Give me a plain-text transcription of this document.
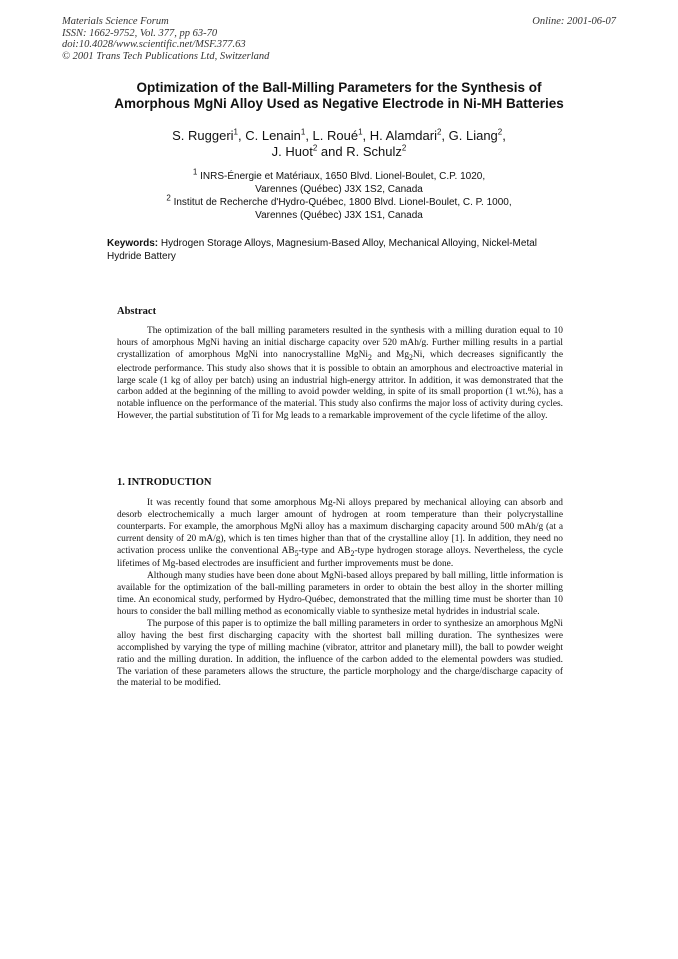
Materials Science Forum
ISSN: 1662-9752, Vol. 377, pp 63-70
doi:10.4028/www.scientific.net/MSF.377.63
© 2001 Trans Tech Publications Ltd, Switzerland
Online: 2001-06-07
Optimization of the Ball-Milling Parameters for the Synthesis of
Amorphous MgNi Alloy Used as Negative Electrode in Ni-MH Batteries
S. Ruggeri$^1$, C. Lenain$^1$, L. Roué$^1$, H. Alamdari$^2$, G. Liang$^2$,
J. Huot$^2$ and R. Schulz$^2$
$^1$ INRS-Énergie et Matériaux, 1650 Blvd. Lionel-Boulet, C.P. 1020,
Varennes (Québec) J3X 1S2, Canada
$^2$ Institut de Recherche d'Hydro-Québec, 1800 Blvd. Lionel-Boulet, C. P. 1000,
Varennes (Québec) J3X 1S1, Canada
Keywords: Hydrogen Storage Alloys, Magnesium-Based Alloy, Mechanical Alloying, Nickel-Metal Hydride Battery
Abstract

The optimization of the ball milling parameters resulted in the synthesis with a milling duration equal to 10 hours of amorphous MgNi having an initial discharge capacity over 520 mAh/g. Further milling results in a partial crystallization of amorphous MgNi into nanocrystalline MgNi$_2$ and $Mg_2Ni$, which decreases significantly the electrode performance. This study also shows that it is possible to obtain an amorphous and electroactive material in large scale (1 kg of alloy per batch) using an industrial high-energy attritor. In addition, it was demonstrated that the carbon added at the beginning of the milling to avoid powder welding, in spite of its small proportion (1 wt.%), has a notable influence on the performance of the material. This study also confirms the major loss of activity during cycles. However, the partial substitution of Ti for Mg leads to a remarkable improvement of the cycle lifetime of the alloy.

1. INTRODUCTION

It was recently found that some amorphous Mg-Ni alloys prepared by mechanical alloying can absorb and desorb electrochemically a much larger amount of hydrogen at room temperature than their polycrystalline counterparts. For example, the amorphous MgNi alloy has a maximum discharging capacity around 500 mAh/g (at a current density of 20 mA/g), which is ten times higher than that of the crystalline alloy [1]. In addition, they need no activation process unlike the conventional $AB_5$-type and $AB_2$-type hydrogen storage alloys. Nevertheless, the cycle lifetimes of Mg-based electrodes are insufficient and further improvements must be done.

Although many studies have been done about MgNi-based alloys prepared by ball milling, little information is available for the optimization of the ball-milling parameters in order to obtain the best alloy in the shorter milling time. An economical study, performed by Hydro-Québec, demonstrated that the milling time must be shorter than 10 hours to consider the ball milling method as economically viable to synthesize metal hydrides in industrial scale.

The purpose of this paper is to optimize the ball milling parameters in order to synthesize an amorphous MgNi alloy having the best first discharging capacity with the shortest ball milling duration. The synthesizes were accomplished by varying the type of milling machine (vibrator, attritor and planetary mill), the ball to powder weight ratio and the milling duration. In addition, the influence of the carbon added to the elemental powders was studied. The variation of these parameters allows the structure, the particle morphology and the charge/discharge capacity of the material to be modified.
